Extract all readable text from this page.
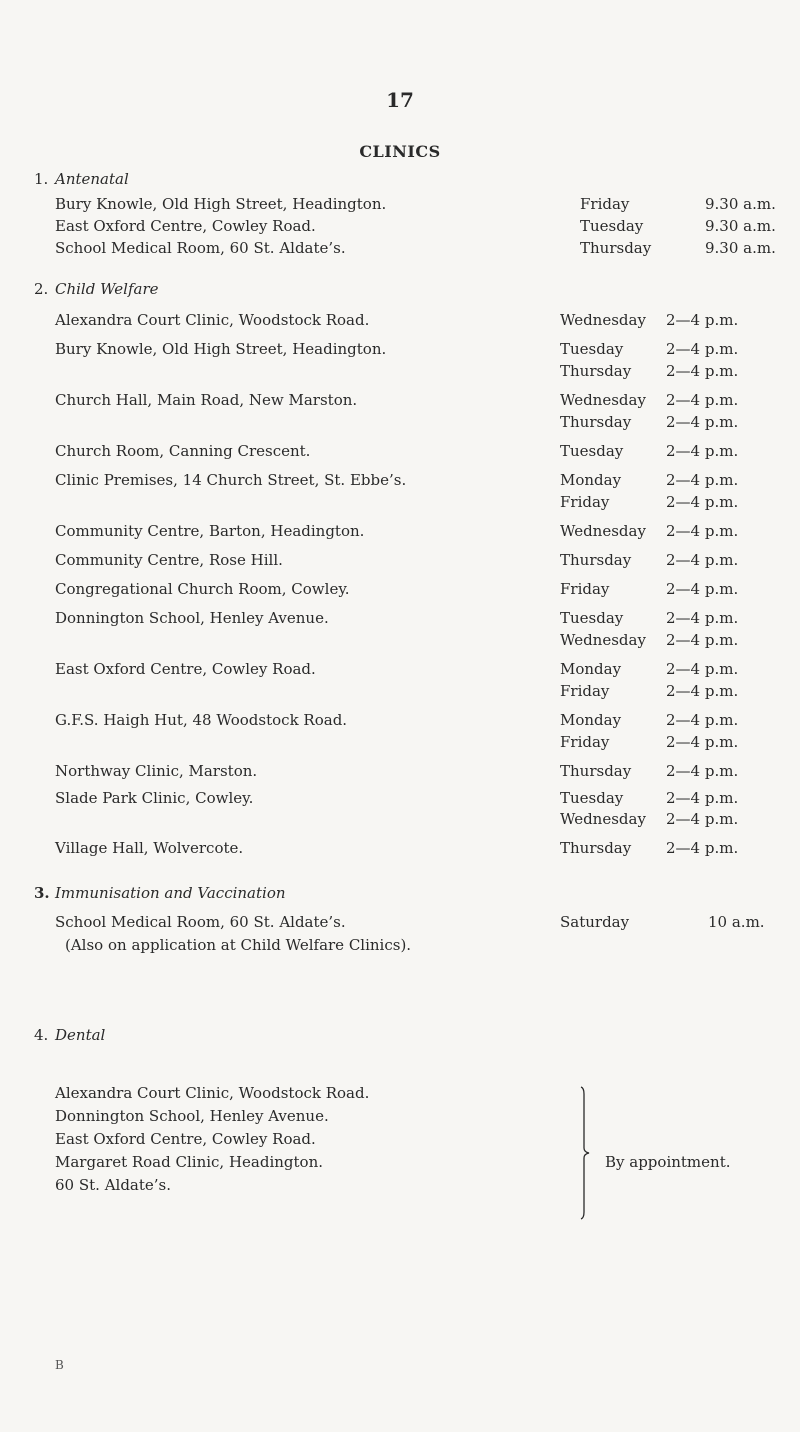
17
CLINICS
1. Antenatal
Bury Knowle, Old High Street, Headington.	Friday	9.30 a.m.
East Oxford Centre, Cowley Road.	Tuesday	9.30 a.m.
School Medical Room, 60 St. Aldate’s.	Thursday	9.30 a.m.
2. Child Welfare
Alexandra Court Clinic, Woodstock Road.	Wednesday 2—4 p.m.
Bury Knowle, Old High Street, Headington.	Tuesday	2—4 p.m.
Thursday 2—4 p.m.
Church Hall, Main Road, New Marston.	Wednesday 2—4 p.m.
Thursday 2—4 p.m.
Church Room, Canning Crescent.	Tuesday	2—4 p.m.
Clinic Premises, 14 Church Street, St. Ebbe’s.	Monday	2—4 p.m.
Friday	2—4 p.m.
Community Centre, Barton, Headington.	Wednesday 2—4 p.m.
Community Centre, Rose Hill.	Thursday 2—4 p.m.
Congregational Church Room, Cowley.	Friday	2—4 p.m.
Donnington School, Henley Avenue.	Tuesday	2—4 p.m.
Wednesday 2—4 p.m.
East Oxford Centre, Cowley Road.	Monday	2—4 p.m.
Friday	2—4 p.m.
G.F.S. Haigh Hut, 48 Woodstock Road.	Monday	2—4 p.m.
Friday	2—4 p.m.
Northway Clinic, Marston.	Thursday 2—4 p.m.
Slade Park Clinic, Cowley.	Tuesday	2—4 p.m.
Wednesday 2—4 p.m.
Village Hall, Wolvercote.	Thursday 2—4 p.m.
3. Immunisation and Vaccination
School Medical Room, 60 St. Aldate’s.	Saturday	10 a.m.
(Also on application at Child Welfare Clinics).
4. Dental
Alexandra Court Clinic, Woodstock Road.
Donnington School, Henley Avenue.
East Oxford Centre, Cowley Road.
Margaret Road Clinic, Headington.
60 St. Aldate’s.
By appointment.
B
